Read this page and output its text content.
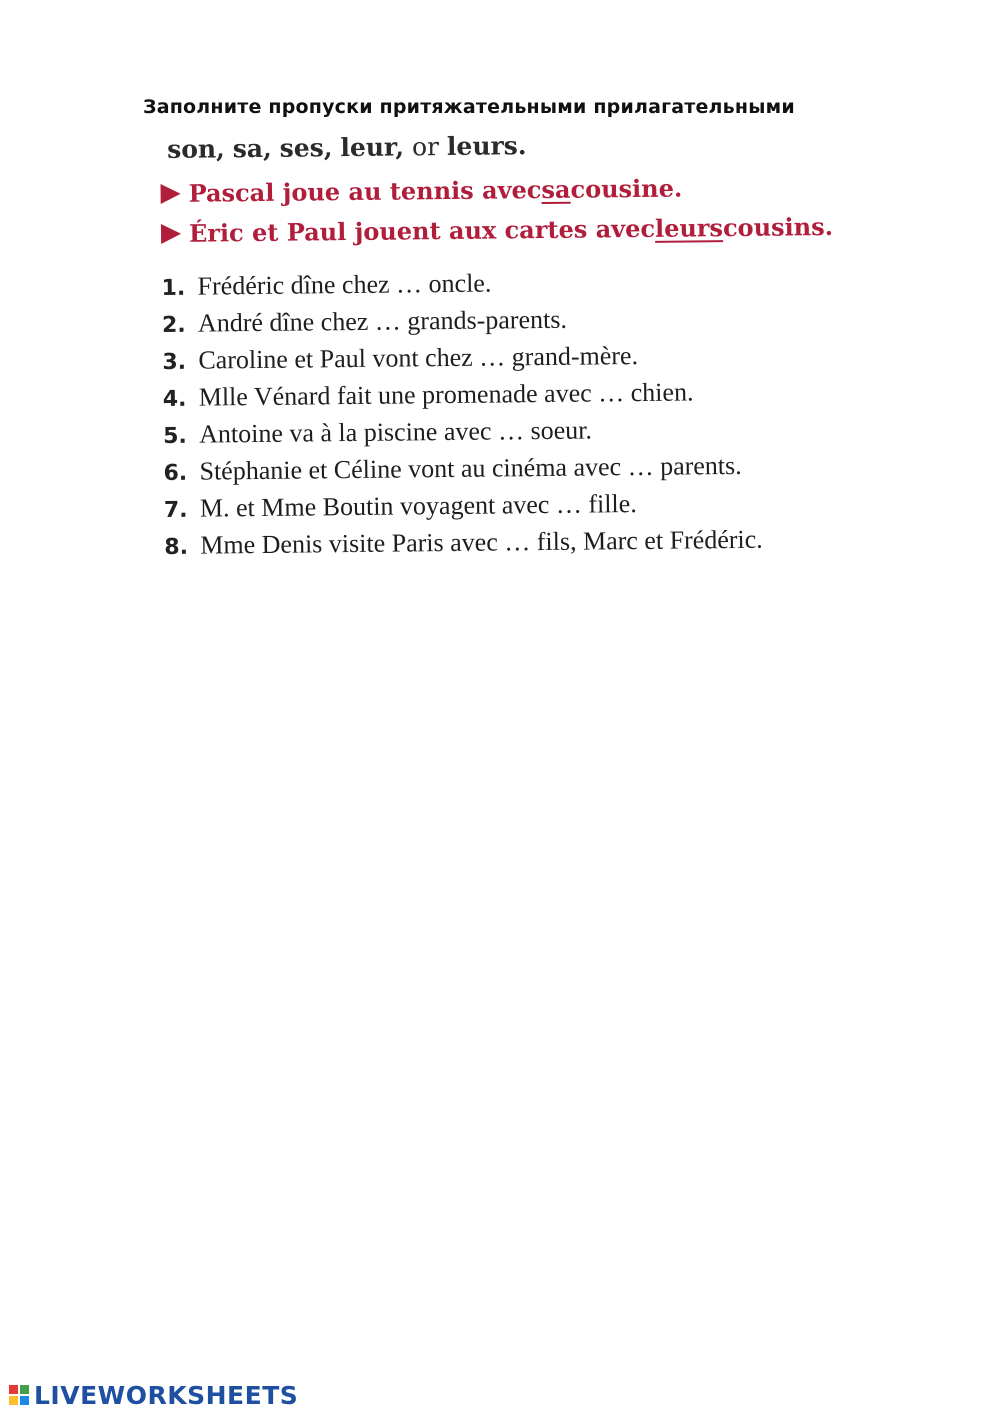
Заполните пропуски притяжательными прилагательными
son, sa, ses, leur, or leurs.
Pascal joue au tennis avec sa cousine.
Éric et Paul jouent aux cartes avec leurs cousins.
1. Frédéric dîne chez … oncle.
2. André dîne chez … grands-parents.
3. Caroline et Paul vont chez … grand-mère.
4. Mlle Vénard fait une promenade avec … chien.
5. Antoine va à la piscine avec … soeur.
6. Stéphanie et Céline vont au cinéma avec … parents.
7. M. et Mme Boutin voyagent avec … fille.
8. Mme Denis visite Paris avec … fils, Marc et Frédéric.
LIVEWORKSHEETS
